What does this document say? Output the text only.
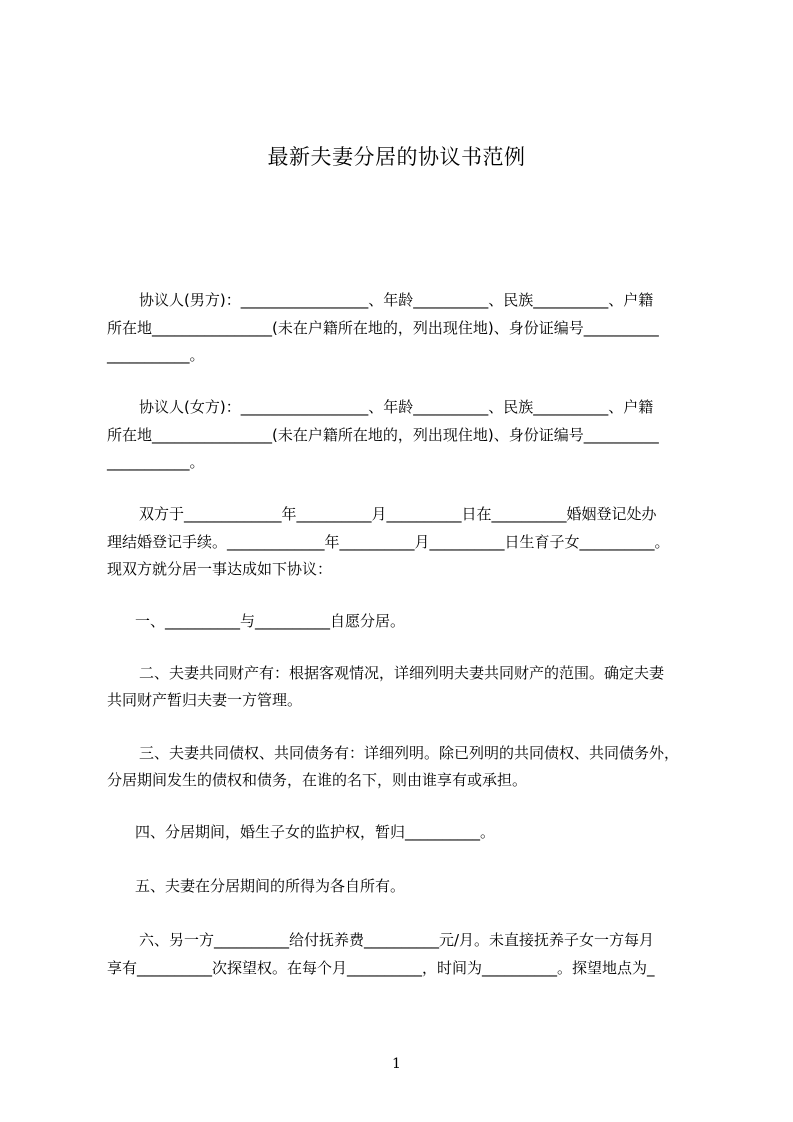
最新夫妻分居的协议书范例
协议人(男方)：_________________、年龄__________、民族__________、户籍
所在地________________(未在户籍所在地的，列出现住地)、身份证编号__________
___________。
协议人(女方)：_________________、年龄__________、民族__________、户籍
所在地________________(未在户籍所在地的，列出现住地)、身份证编号__________
___________。
双方于_____________年__________月__________日在__________婚姻登记处办
理结婚登记手续。_____________年__________月__________日生育子女__________。
现双方就分居一事达成如下协议：
一、__________与__________自愿分居。
二、夫妻共同财产有：根据客观情况，详细列明夫妻共同财产的范围。确定夫妻
共同财产暂归夫妻一方管理。
三、夫妻共同债权、共同债务有：详细列明。除已列明的共同债权、共同债务外，
分居期间发生的债权和债务，在谁的名下，则由谁享有或承担。
四、分居期间，婚生子女的监护权，暂归__________。
五、夫妻在分居期间的所得为各自所有。
六、另一方__________给付抚养费__________元/月。未直接抚养子女一方每月
享有__________次探望权。在每个月__________，时间为__________。探望地点为_
1
